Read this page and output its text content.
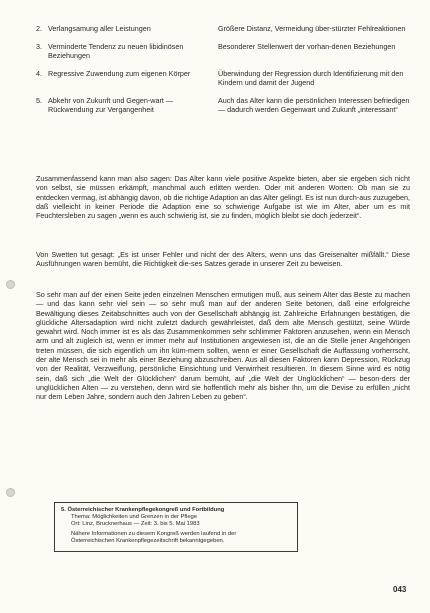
2. Verlangsamung aller Leistungen	Größere Distanz, Vermeidung über-stürzter Fehlreaktionen
3. Verminderte Tendenz zu neuen libidinösen Beziehungen
Besonderer Stellenwert der vorhan-denen Beziehungen
4. Regressive Zuwendung zum eigenen Körper	Überwindung der Regression durch Identifizierung mit den Kindern und damit der Jugend
5. Abkehr von Zukunft und Gegen-wart — Rückwendung zur Vergangenheit
Auch das Alter kann die persönlichen Interessen befriedigen — dadurch werden Gegenwart und Zukunft „interessant“

Zusammenfassend kann man also sagen: Das Alter kann viele positive Aspekte bieten, aber sie ergeben sich nicht von selbst, sie müssen erkämpft, manchmal auch erlitten werden. Oder mit anderen Worten: Ob man sie zu entdecken vermag, ist abhängig davon, ob die richtige Adaption an das Alter gelingt. Es ist nun durch-aus zuzugeben, daß vielleicht in keiner Periode die Adaption eine so schwierige Aufgabe ist wie im Alter, aber um es mit Feuchtersleben zu sagen „wenn es auch schwierig ist, sie zu finden, möglich bleibt sie doch jederzeit“.

Von Swetten tut gesagt: „Es ist unser Fehler und nicht der des Alters, wenn uns das Greisenalter mißfällt.“ Diese Ausführungen waren bemüht, die Richtigkeit die-ses Satzes gerade in unserer Zeit zu beweisen.

So sehr man auf der einen Seite jeden einzelnen Menschen ermutigen muß, aus seinem Alter das Beste zu machen — und das kann sehr viel sein — so sehr muß man auf der anderen Seite betonen, daß eine erfolgreiche Bewältigung dieses Zeitabschnittes auch von der Gesellschaft abhängig ist. Zahlreiche Erfahrungen bestätigen, die glückliche Altersadaption wird nicht zuletzt dadurch gewährleistet, daß dem alte Mensch gestützt, seine Würde gewahrt wird. Noch immer ist es als das Zusammenkommen sehr schlimmer Faktoren anzusehen, wenn ein Mensch arm und alt zugleich ist, wenn er immer mehr auf Institutionen angewiesen ist, die an die Stelle jener Angehörigen treten müssen, die sich eigentlich um ihn küm-mern sollten, wenn er einer Gesellschaft die Auffassung vorherrscht, der alte Mensch sei in mehr als einer Beziehung abzuschreiben. Aus all diesen Faktoren kann Depression, Rückzug von der Realität, Verzweiflung, persönliche Einsichtung und Verwirrheit resultieren. In diesem Sinne wird es nötig sein, daß sich „die Welt der Glücklichen“ darum bemüht, auf „die Welt der Unglücklichen“ — beson-ders der unglücklichen Alten — zu verstehen, denn wird sie hoffentlich mehr als bisher Ihn, um die Devise zu erfüllen „nicht nur dem Leben Jahre, sondern auch den Jahren Leben zu geben“.

5. Österreichischer Krankenpflegekongreß und Fortbildung
Thema: Möglichkeiten und Grenzen in der Pflege
Ort: Linz, Brucknerhaus — Zeit: 3. bis 5. Mai 1983
Nähere Informationen zu diesem Kongreß werden laufend in der
Österreichischen Krankenpflegezeitschrift bekanntgegeben.
043
